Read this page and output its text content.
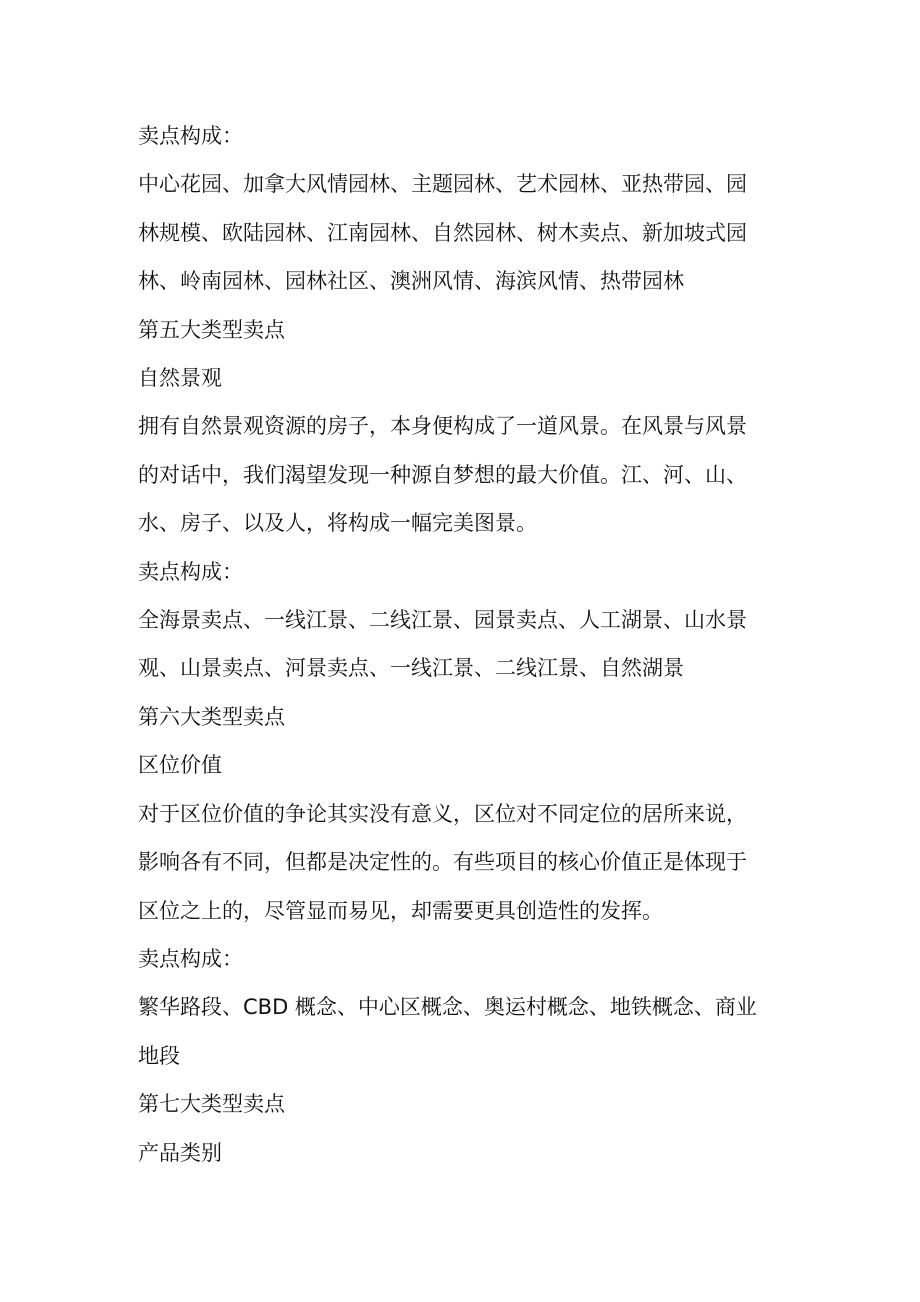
卖点构成：
中心花园、加拿大风情园林、主题园林、艺术园林、亚热带园、园
林规模、欧陆园林、江南园林、自然园林、树木卖点、新加坡式园
林、岭南园林、园林社区、澳洲风情、海滨风情、热带园林
第五大类型卖点
自然景观
拥有自然景观资源的房子，本身便构成了一道风景。在风景与风景
的对话中，我们渴望发现一种源自梦想的最大价值。江、河、山、
水、房子、以及人，将构成一幅完美图景。
卖点构成：
全海景卖点、一线江景、二线江景、园景卖点、人工湖景、山水景
观、山景卖点、河景卖点、一线江景、二线江景、自然湖景
第六大类型卖点
区位价值
对于区位价值的争论其实没有意义，区位对不同定位的居所来说，
影响各有不同，但都是决定性的。有些项目的核心价值正是体现于
区位之上的，尽管显而易见，却需要更具创造性的发挥。
卖点构成：
繁华路段、CBD 概念、中心区概念、奥运村概念、地铁概念、商业
地段
第七大类型卖点
产品类别
